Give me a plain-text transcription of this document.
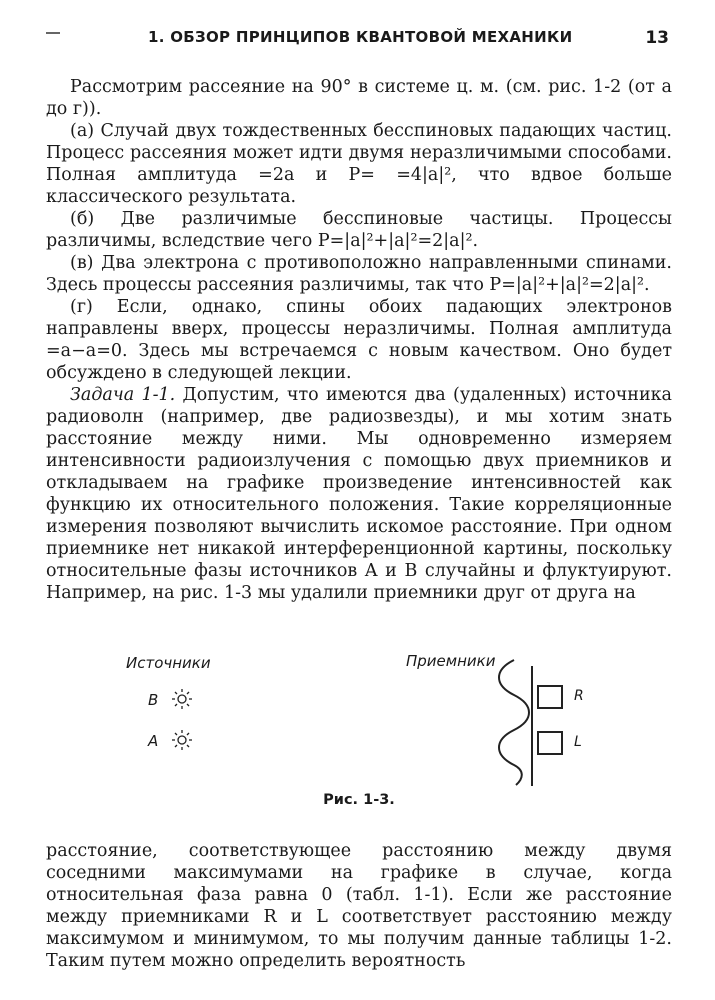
1. ОБЗОР ПРИНЦИПОВ КВАНТОВОЙ МЕХАНИКИ	13

Рассмотрим рассеяние на 90° в системе ц. м. (см. рис. 1-2 (от а до г)).

(а) Случай двух тождественных бесспиновых падающих частиц. Процесс рассеяния может идти двумя неразличимыми способами. Полная амплитуда =2a и P= =4|a|², что вдвое больше классического результата.

(б) Две различимые бесспиновые частицы. Процессы различимы, вследствие чего P=|a|²+|a|²=2|a|².

(в) Два электрона с противоположно направленными спинами. Здесь процессы рассеяния различимы, так что P=|a|²+|a|²=2|a|².

(г) Если, однако, спины обоих падающих электронов направлены вверх, процессы неразличимы. Полная амплитуда =a−a=0. Здесь мы встречаемся с новым качеством. Оно будет обсуждено в следующей лекции.

Задача 1-1. Допустим, что имеются два (удаленных) источника радиоволн (например, две радиозвезды), и мы хотим знать расстояние между ними. Мы одновременно измеряем интенсивности радиоизлучения с помощью двух приемников и откладываем на графике произведение интенсивностей как функцию их относительного положения. Такие корреляционные измерения позволяют вычислить искомое расстояние. При одном приемнике нет никакой интерференционной картины, поскольку относительные фазы источников A и B случайны и флуктуируют. Например, на рис. 1-3 мы удалили приемники друг от друга на

Источники	Приемники
B
A
R
L
Рис. 1-3.

расстояние, соответствующее расстоянию между двумя соседними максимумами на графике в случае, когда относительная фаза равна 0 (табл. 1-1). Если же расстояние между приемниками R и L соответствует расстоянию между максимумом и минимумом, то мы получим данные таблицы 1-2. Таким путем можно определить вероятность
